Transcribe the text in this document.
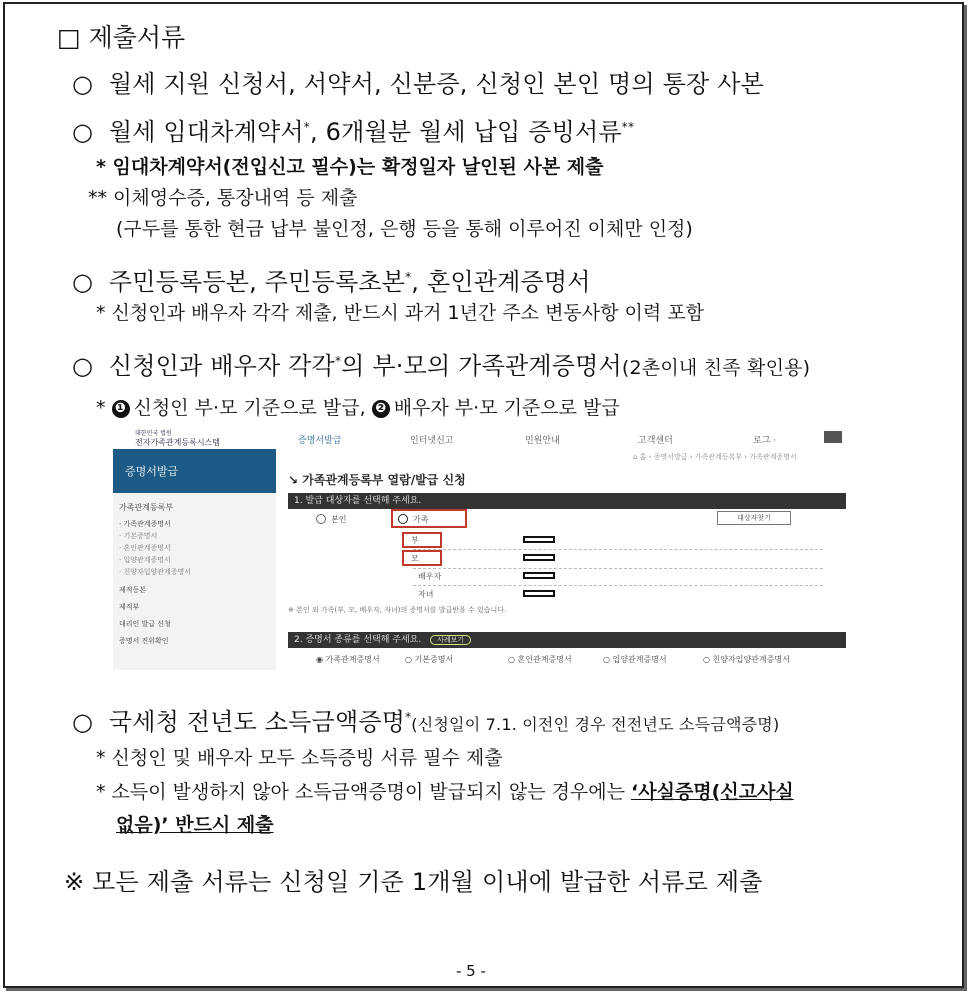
□ 제출서류
○ 월세 지원 신청서, 서약서, 신분증, 신청인 본인 명의 통장 사본
○ 월세 임대차계약서*, 6개월분 월세 납입 증빙서류**
* 임대차계약서(전입신고 필수)는 확정일자 날인된 사본 제출
** 이체영수증, 통장내역 등 제출
(구두를 통한 현금 납부 불인정, 은행 등을 통해 이루어진 이체만 인정)
○ 주민등록등본, 주민등록초본*, 혼인관계증명서
* 신청인과 배우자 각각 제출, 반드시 과거 1년간 주소 변동사항 이력 포함
○ 신청인과 배우자 각각*의 부·모의 가족관계증명서(2촌이내 친족 확인용)
* ❶ 신청인 부·모 기준으로 발급, ❷ 배우자 부·모 기준으로 발급
대한민국 법원
전자가족관계등록시스템	증명서발급	인터넷신고	민원안내	고객센터	로그 ·
증명서발급
가족관계등록부
· 가족관계증명서
· 기본증명서
· 혼인관계증명서
· 입양관계증명서
· 친양자입양관계증명서
제적등본
제적부
대리인 발급 신청
증명서 진위확인
⌂ 홈 › 증명서발급 › 가족관계등록부 › 가족관계증명서
↘ 가족관계등록부 열람/발급 신청
1. 발급 대상자를 선택해 주세요.
본인	가족	대상자찾기
부
모
배우자
자녀
※ 본인 외 가족(부, 모, 배우자, 자녀)의 증명서를 발급받을 수 있습니다.
2. 증명서 종류를 선택해 주세요. 사례보기
◉ 가족관계증명서	○ 기본증명서	○ 혼인관계증명서	○ 입양관계증명서	○ 친양자입양관계증명서
○ 국세청 전년도 소득금액증명*(신청일이 7.1. 이전인 경우 전전년도 소득금액증명)
* 신청인 및 배우자 모두 소득증빙 서류 필수 제출
* 소득이 발생하지 않아 소득금액증명이 발급되지 않는 경우에는 ‘사실증명(신고사실
없음)’ 반드시 제출
※ 모든 제출 서류는 신청일 기준 1개월 이내에 발급한 서류로 제출
- 5 -
